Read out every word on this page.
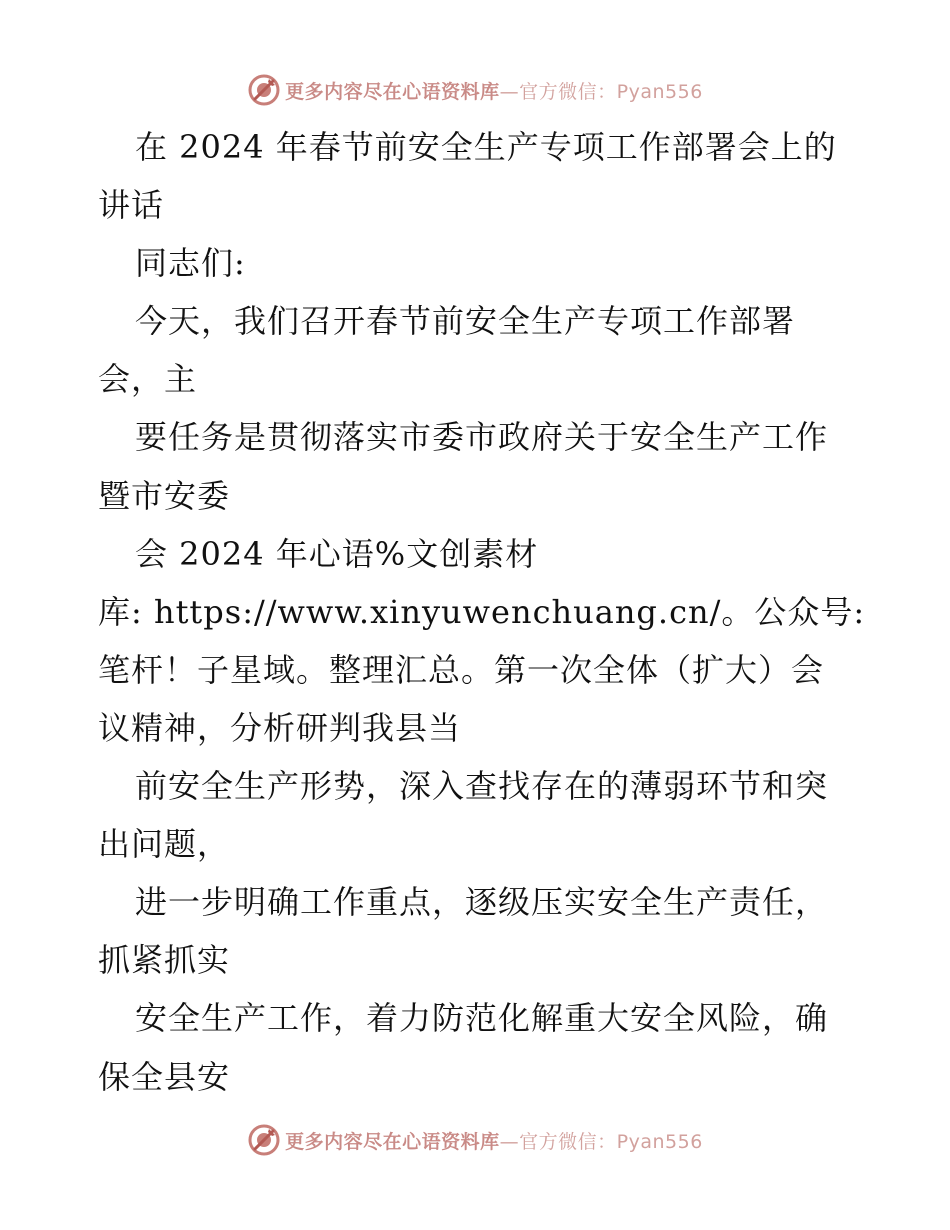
更多内容尽在心语资料库—官方微信：Pyan556
在 2024 年春节前安全生产专项工作部署会上的
讲话
同志们:
今天，我们召开春节前安全生产专项工作部署
会，主
要任务是贯彻落实市委市政府关于安全生产工作
暨市安委
会 2024 年心语%文创素材
库: https://www.xinyuwenchuang.cn/。公众号:
笔杆！子星域。整理汇总。第一次全体（扩大）会
议精神，分析研判我县当
前安全生产形势，深入查找存在的薄弱环节和突
出问题，
进一步明确工作重点，逐级压实安全生产责任，
抓紧抓实
安全生产工作，着力防范化解重大安全风险，确
保全县安
更多内容尽在心语资料库—官方微信：Pyan556
